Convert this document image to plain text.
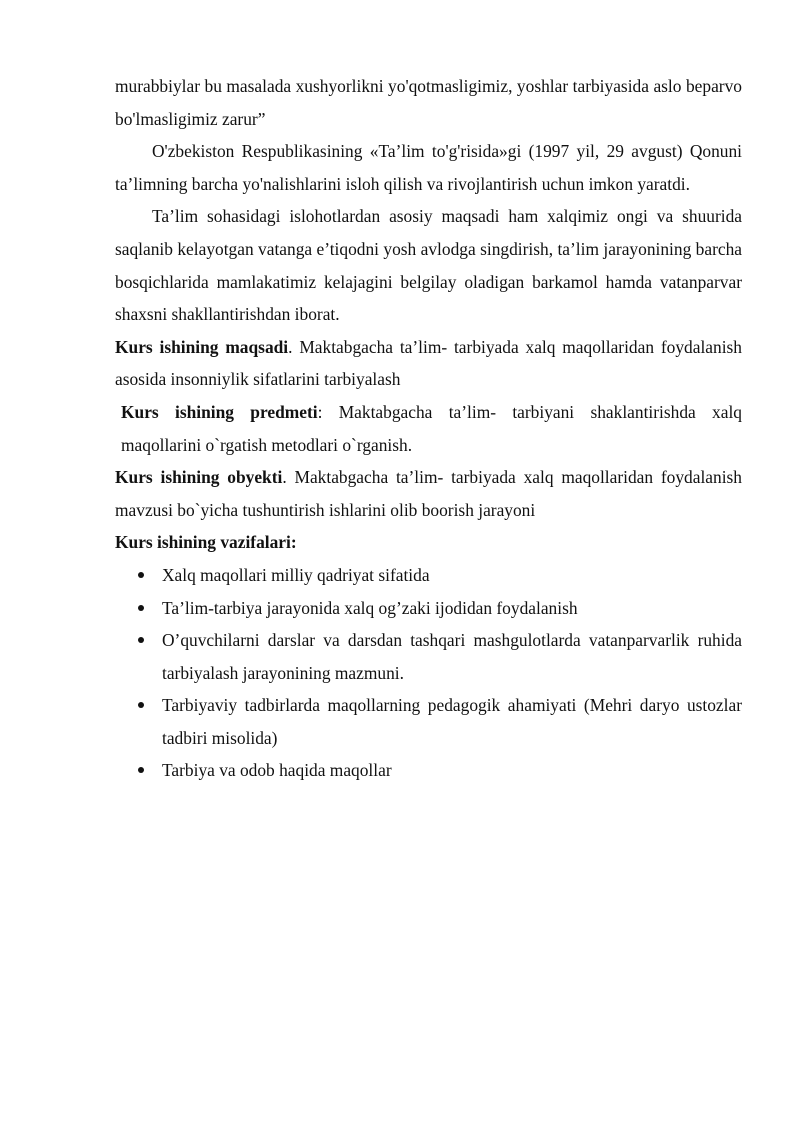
murabbiylar bu masalada xushyorlikni yo'qotmasligimiz, yoshlar tarbiyasida aslo beparvo bo'lmasligimiz zarur”

O'zbekiston Respublikasining «Ta’lim to'g'risida»gi (1997 yil, 29 avgust) Qonuni ta’limning barcha yo'nalishlarini isloh qilish va rivojlantirish uchun imkon yaratdi.

Ta’lim sohasidagi islohotlardan asosiy maqsadi ham xalqimiz ongi va shuurida saqlanib kelayotgan vatanga e’tiqodni yosh avlodga singdirish, ta’lim jarayonining barcha bosqichlarida mamlakatimiz kelajagini belgilay oladigan barkamol hamda vatanparvar shaxsni shakllantirishdan iborat.

Kurs ishining maqsadi. Maktabgacha ta’lim- tarbiyada xalq maqollaridan foydalanish asosida insonniylik sifatlarini tarbiyalash

Kurs ishining predmeti: Maktabgacha ta’lim- tarbiyani shaklantirishda xalq maqollarini o`rgatish metodlari o`rganish.

Kurs ishining obyekti. Maktabgacha ta’lim- tarbiyada xalq maqollaridan foydalanish mavzusi bo`yicha tushuntirish ishlarini olib boorish jarayoni

Kurs ishining vazifalari:

Xalq maqollari milliy qadriyat sifatida
Ta’lim-tarbiya jarayonida xalq og’zaki ijodidan foydalanish
O’quvchilarni darslar va darsdan tashqari mashgulotlarda vatanparvarlik ruhida tarbiyalash jarayonining mazmuni.
Tarbiyaviy tadbirlarda maqollarning pedagogik ahamiyati (Mehri daryo ustozlar tadbiri misolida)
Tarbiya va odob haqida maqollar
